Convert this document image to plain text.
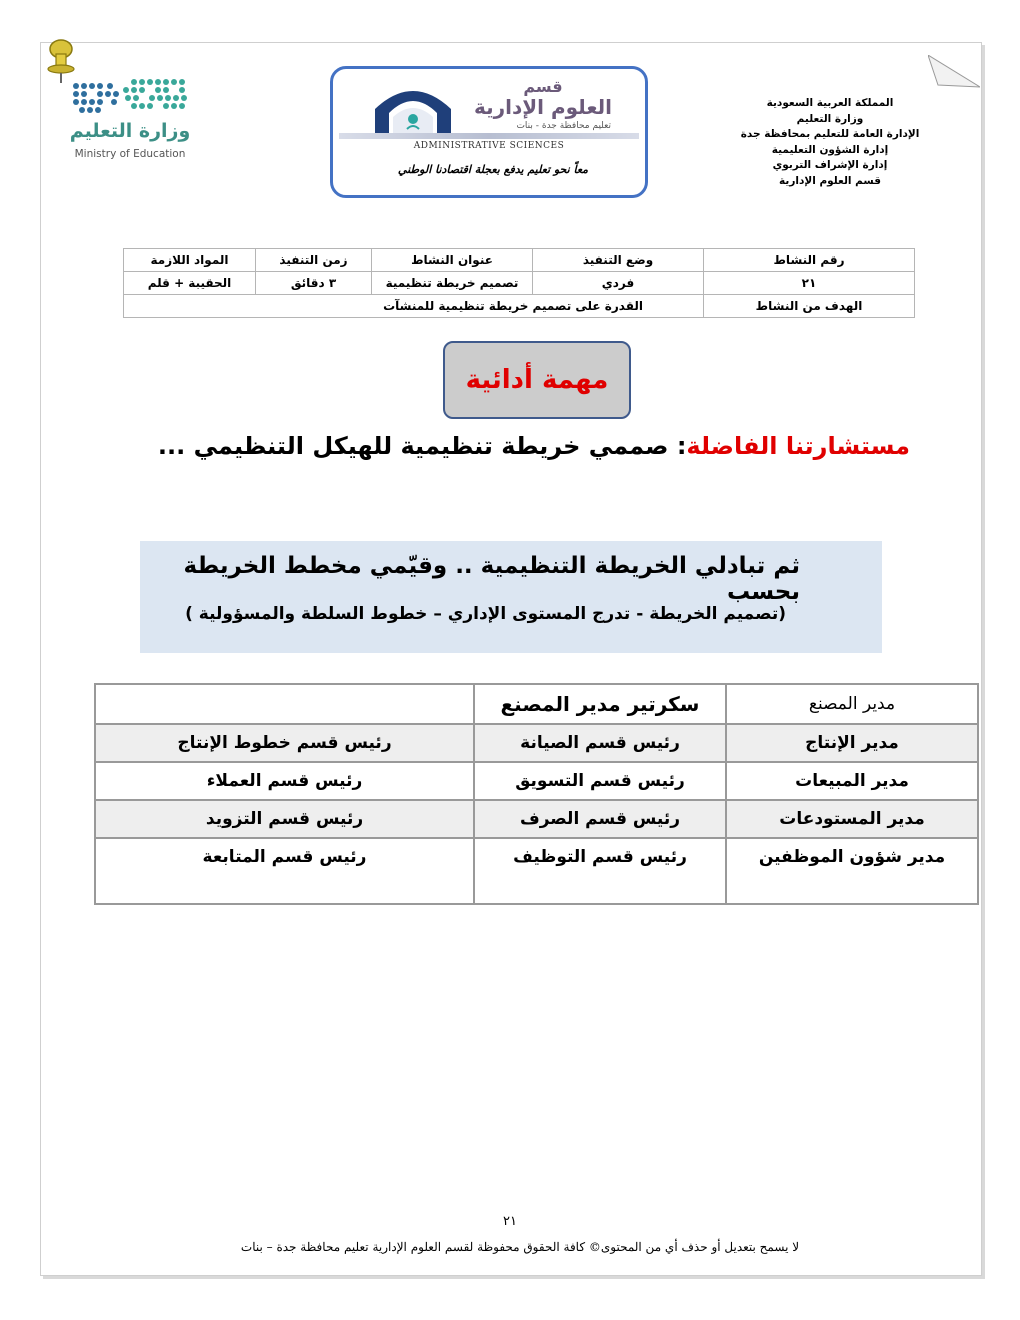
وزارة التعليم
Ministry of Education
قسم
العلوم الإدارية
تعليم محافظة جدة - بنات
ADMINISTRATIVE SCIENCES
معاً نحو تعليم يدفع بعجلة اقتصادنا الوطني
المملكة العربية السعودية
وزارة التعليم
الإدارة العامة للتعليم بمحافظة جدة
إدارة الشؤون التعليمية
إدارة الإشراف التربوي
قسم العلوم الإدارية
رقم النشاط	وضع التنفيذ	عنوان النشاط	زمن التنفيذ	المواد اللازمة
٢١	فردي	تصميم خريطة تنظيمية	٣ دقائق	الحقيبة + قلم
الهدف من النشاط	القدرة على تصميم خريطة تنظيمية للمنشآت			
مهمة أدائية
مستشارتنا الفاضلة: صممي خريطة تنظيمية للهيكل التنظيمي ...
ثم تبادلي الخريطة التنظيمية .. وقيّمي مخطط الخريطة بحسب
(تصميم الخريطة - تدرج المستوى الإداري – خطوط السلطة والمسؤولية )
مدير المصنع	سكرتير مدير المصنع	
مدير الإنتاج	رئيس قسم الصيانة	رئيس قسم خطوط الإنتاج
مدير المبيعات	رئيس قسم التسويق	رئيس قسم العملاء
مدير المستودعات	رئيس قسم الصرف	رئيس قسم التزويد
مدير شؤون الموظفين	رئيس قسم التوظيف	رئيس قسم المتابعة
٢١
لا يسمح بتعديل أو حذف أي من المحتوى© كافة الحقوق محفوظة لقسم العلوم الإدارية تعليم محافظة جدة – بنات
